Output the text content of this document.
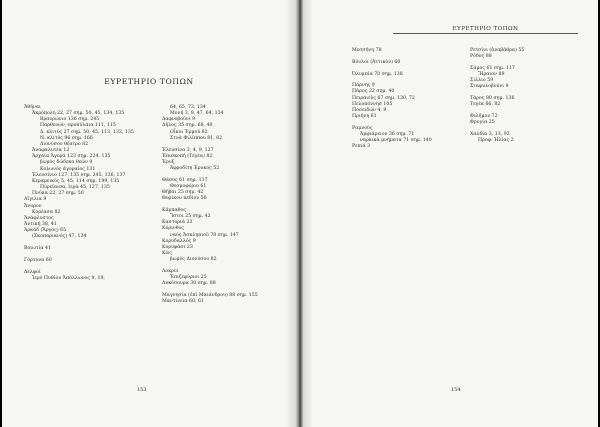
ΕΥΡΕΤΗΡΙΟ ΤΟΠΩΝ
Ἀθῆναι
Ἀκρόπολη 22, 27 σημ. 50, 45, 134, 135
Βραυρώνιο 136 σημ. 245
Παρθενών, προπύλαια 111, 115
Δ. κλιτύς 27 σημ. 50, 45, 113, 133, 135
Ν. κλιτύς 96 σημ. 166
Διονύσου θέατρο 82
Ἀναφαλυτέα 12
Ἀρχαία Ἀγορά 123 σημ. 224, 135
βωμὸς δώδεκα θεῶν 9
Κολωνός ἀγοραῖος 131
Ἐλευσίνιο 127, 135 σημ. 245, 136, 137
Κεραμεικός 5, 45, 114 σημ. 199, 135
Πύρεῖαισα, ἱερὰ 45, 127, 135
Πνύκα 22, 27 σημ. 50
Αἴγιλια 9
Ἄνυρον
Κορέασα 82
Ἀνάφλυστος
Ἀντική 38, 41
Ἀρκάδ (Ἄργος) 65
(Σκοπαριανός) 47, 134
Βοιωτία 41
Γόρτυνα 60
Δελφοί
Ἱερό Πυθίου Ἀπόλλωνος 9, 19,
64, 65, 73, 134
Μονή 3, 9, 47, 64, 134
Δαφνοβούνι 9
Δῆλος 35 σημ. 68, 40
Οἶκοι Ἑρμοῦ 82
Στοὰ Φιλίππου 81, 82
Ἐλευσίνα 3, 4, 9, 127
Ἐπισκοπή (Τεγέα) 82
Ἐρυξ
Ἀφροδίτη Ἐρυκος 52
Θάσος 61 σημ. 117
Θεσμοφόριο 61
Θῆβαι 25 σημ. 42
Θορίκου πεδίον 56
Κάρπαθος
Ἴστοι 25 σημ. 42
Καστοριά 23
Κόρινθος
ναὸς Ἀσκληπιοῦ 78 σημ. 147
Κορυδαλλός 9
Κορυφάσι 23
Κῶς
βωμὸς Διονύσου 82
Λοκροὶ
Ἐπιζεφύριοι 25
Λυκόσουρα 30 σημ. 88
Μαγνησία (ἐπὶ Μαιάνδρου) 88 σημ. 155
Μαντίνεια 60, 61
153
ΕΥΡΕΤΗΡΙΟ ΤΟΠΩΝ
Μεσσήνη 78
Βόυλοι (Ἀττικὸν) 60
Ὀλυμπία 70 σημ. 138
Πάρνης 9
Πάρος 22 σημ. 40
Πειραιεὺς 67 σημ. 130, 72
Πελοπόννησ 105
Ποσειδών 4, 9
Πριήνη 61
Ραμνοῦς
Ἀμφιάρειον 36 σημ. 71
ναρκικὰ μνήματα 71 σημ. 140
Ρεπιά 3
Ρετσίνι (ἀναβάθρα) 55
Ρόδος 88
Σάμος 61 σημ. 117
Ἥραιον 89
Σιλλιο 59
Σταφυλοβούνι 9
Τάρος 80 σημ. 136
Τεγέα 66, 82
Φιλήμον 72
Φρυγία 25
Χαλδία 3, 13, 93
Προφ. Ἠλίας 2
154
